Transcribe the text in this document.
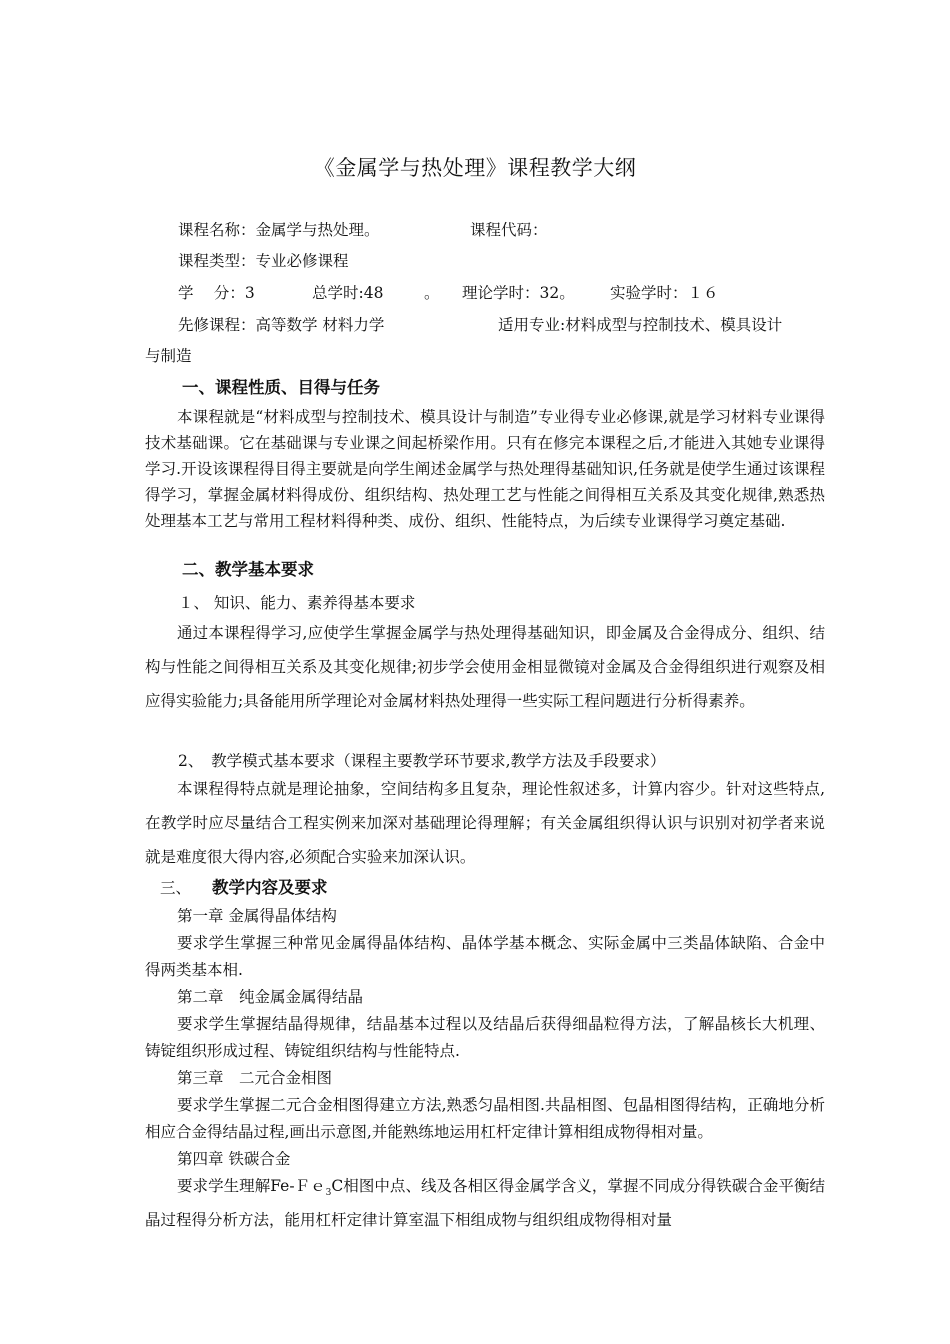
《金属学与热处理》课程教学大纲
课程名称：金属学与热处理。	课程代码：
课程类型：专业必修课程
学　 分：3	总学时:48	。 理论学时：32。 实验学时：１６
先修课程：高等数学 材料力学	适用专业:材料成型与控制技术、模具设计
与制造
一、课程性质、目得与任务

本课程就是“材料成型与控制技术、模具设计与制造”专业得专业必修课,就是学习材料专业课得技术基础课。它在基础课与专业课之间起桥梁作用。只有在修完本课程之后,才能进入其她专业课得学习.开设该课程得目得主要就是向学生阐述金属学与热处理得基础知识,任务就是使学生通过该课程得学习，掌握金属材料得成份、组织结构、热处理工艺与性能之间得相互关系及其变化规律,熟悉热处理基本工艺与常用工程材料得种类、成份、组织、性能特点，为后续专业课得学习奠定基础.

二、教学基本要求
１、 知识、能力、素养得基本要求

通过本课程得学习,应使学生掌握金属学与热处理得基础知识，即金属及合金得成分、组织、结构与性能之间得相互关系及其变化规律;初步学会使用金相显微镜对金属及合金得组织进行观察及相应得实验能力;具备能用所学理论对金属材料热处理得一些实际工程问题进行分析得素养。

2、　教学模式基本要求（课程主要教学环节要求,教学方法及手段要求）

本课程得特点就是理论抽象，空间结构多且复杂，理论性叙述多，计算内容少。针对这些特点,在教学时应尽量结合工程实例来加深对基础理论得理解；有关金属组织得认识与识别对初学者来说就是难度很大得内容,必须配合实验来加深认识。

三、 教学内容及要求

第一章 金属得晶体结构

要求学生掌握三种常见金属得晶体结构、晶体学基本概念、实际金属中三类晶体缺陷、合金中得两类基本相.

第二章　纯金属金属得结晶

要求学生掌握结晶得规律，结晶基本过程以及结晶后获得细晶粒得方法，了解晶核长大机理、铸锭组织形成过程、铸锭组织结构与性能特点.

第三章　二元合金相图

要求学生掌握二元合金相图得建立方法,熟悉匀晶相图.共晶相图、包晶相图得结构，正确地分析相应合金得结晶过程,画出示意图,并能熟练地运用杠杆定律计算相组成物得相对量。

第四章 铁碳合金

要求学生理解Fe-Ｆｅ$_3$C相图中点、线及各相区得金属学含义，掌握不同成分得铁碳合金平衡结晶过程得分析方法，能用杠杆定律计算室温下相组成物与组织组成物得相对量
